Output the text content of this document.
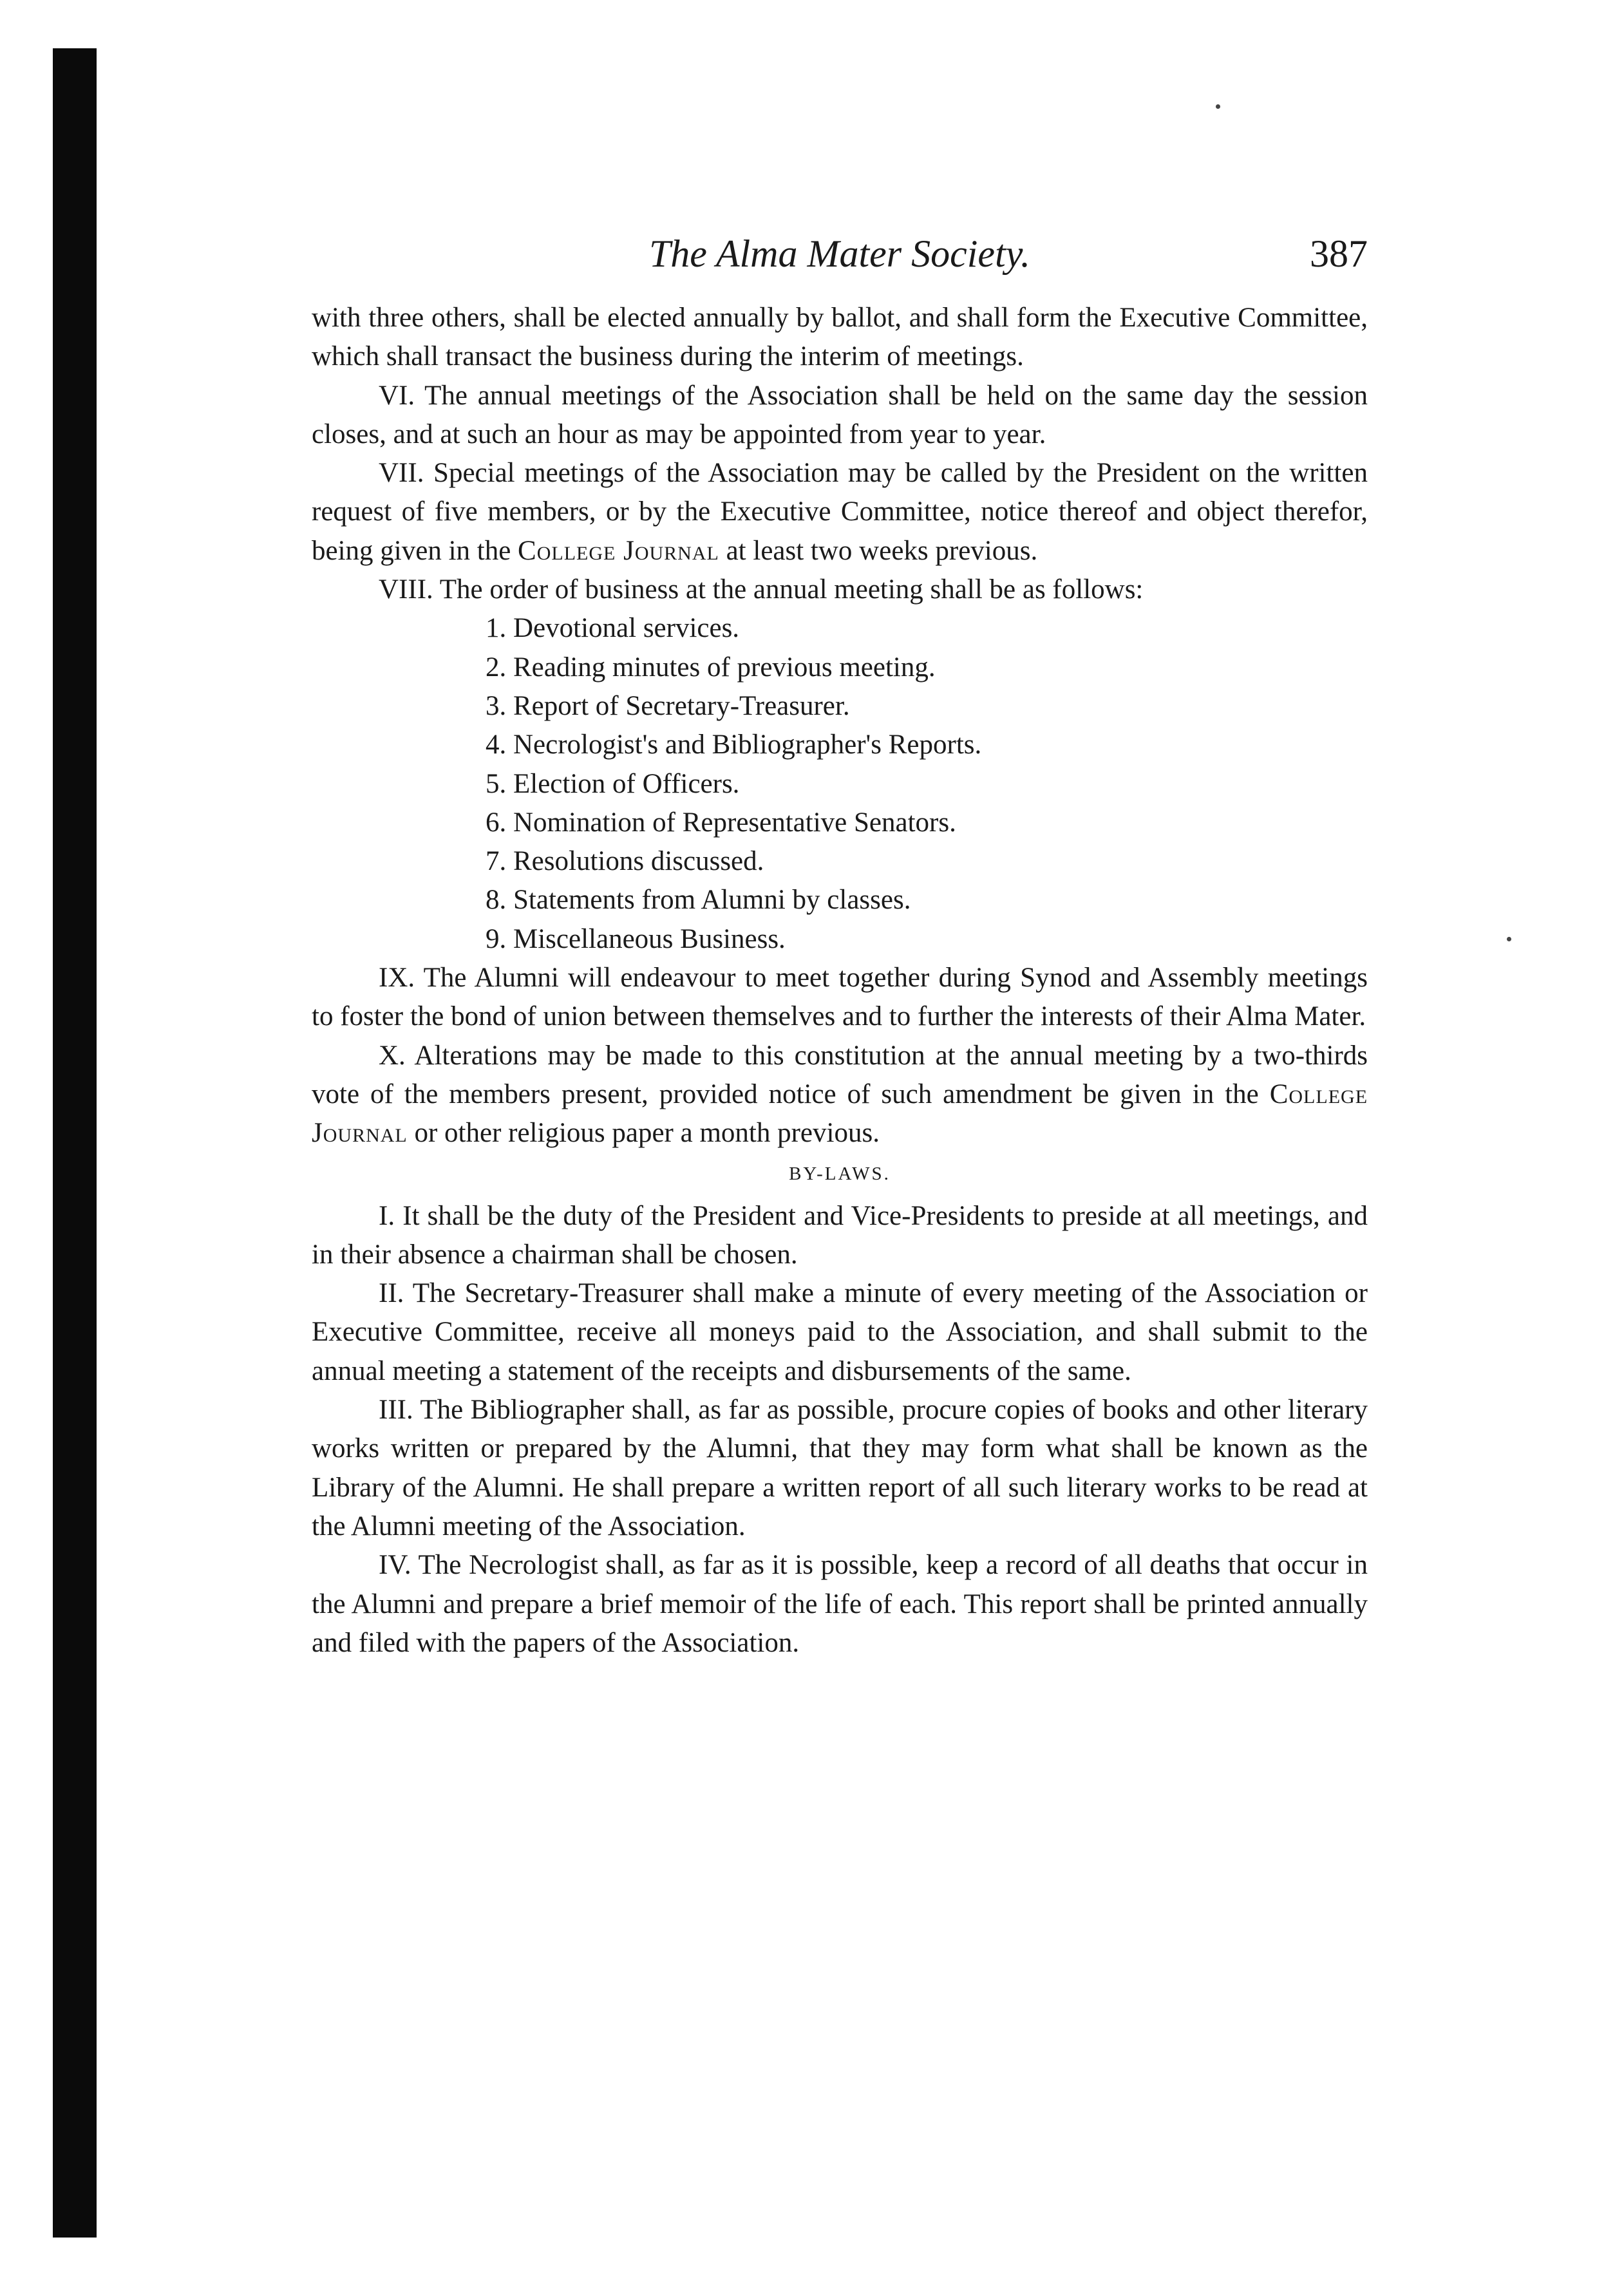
The Alma Mater Society.	387

with three others, shall be elected annually by ballot, and shall form the Executive Committee, which shall transact the business during the interim of meetings.

VI. The annual meetings of the Association shall be held on the same day the session closes, and at such an hour as may be appointed from year to year.

VII. Special meetings of the Association may be called by the President on the written request of five members, or by the Executive Committee, notice thereof and object therefor, being given in the College Journal at least two weeks previous.

VIII. The order of business at the annual meeting shall be as follows:

1. Devotional services.
2. Reading minutes of previous meeting.
3. Report of Secretary-Treasurer.
4. Necrologist's and Bibliographer's Reports.
5. Election of Officers.
6. Nomination of Representative Senators.
7. Resolutions discussed.
8. Statements from Alumni by classes.
9. Miscellaneous Business.

IX. The Alumni will endeavour to meet together during Synod and Assembly meetings to foster the bond of union between themselves and to further the interests of their Alma Mater.

X. Alterations may be made to this constitution at the annual meeting by a two-thirds vote of the members present, provided notice of such amendment be given in the College Journal or other religious paper a month previous.

BY-LAWS.

I. It shall be the duty of the President and Vice-Presidents to preside at all meetings, and in their absence a chairman shall be chosen.

II. The Secretary-Treasurer shall make a minute of every meeting of the Association or Executive Committee, receive all moneys paid to the Association, and shall submit to the annual meeting a statement of the receipts and disbursements of the same.

III. The Bibliographer shall, as far as possible, procure copies of books and other literary works written or prepared by the Alumni, that they may form what shall be known as the Library of the Alumni. He shall prepare a written report of all such literary works to be read at the Alumni meeting of the Association.

IV. The Necrologist shall, as far as it is possible, keep a record of all deaths that occur in the Alumni and prepare a brief memoir of the life of each. This report shall be printed annually and filed with the papers of the Association.
